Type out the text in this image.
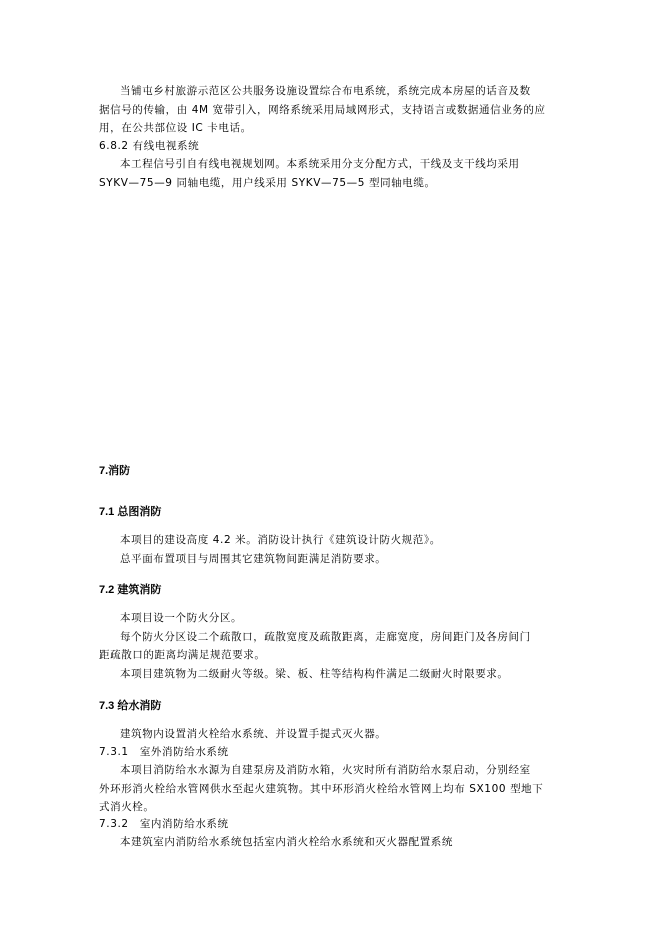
当铺屯乡村旅游示范区公共服务设施设置综合布电系统，系统完成本房屋的话音及数
据信号的传输，由 4M 宽带引入，网络系统采用局域网形式，支持语言或数据通信业务的应
用，在公共部位设 IC 卡电话。

6.8.2 有线电视系统

本工程信号引自有线电视规划网。本系统采用分支分配方式，干线及支干线均采用
SYKV—75—9 同轴电缆，用户线采用 SYKV—75—5 型同轴电缆。

7.消防
7.1 总图消防

本项目的建设高度 4.2 米。消防设计执行《建筑设计防火规范》。
总平面布置项目与周围其它建筑物间距满足消防要求。

7.2 建筑消防

本项目设一个防火分区。
每个防火分区设二个疏散口，疏散宽度及疏散距离，走廊宽度，房间距门及各房间门
距疏散口的距离均满足规范要求。
本项目建筑物为二级耐火等级。梁、板、柱等结构构件满足二级耐火时限要求。

7.3 给水消防

建筑物内设置消火栓给水系统、并设置手提式灭火器。

7.3.1　室外消防给水系统

本项目消防给水水源为自建泵房及消防水箱，火灾时所有消防给水泵启动，分别经室
外环形消火栓给水管网供水至起火建筑物。其中环形消火栓给水管网上均布 SX100 型地下
式消火栓。

7.3.2　室内消防给水系统

本建筑室内消防给水系统包括室内消火栓给水系统和灭火器配置系统
